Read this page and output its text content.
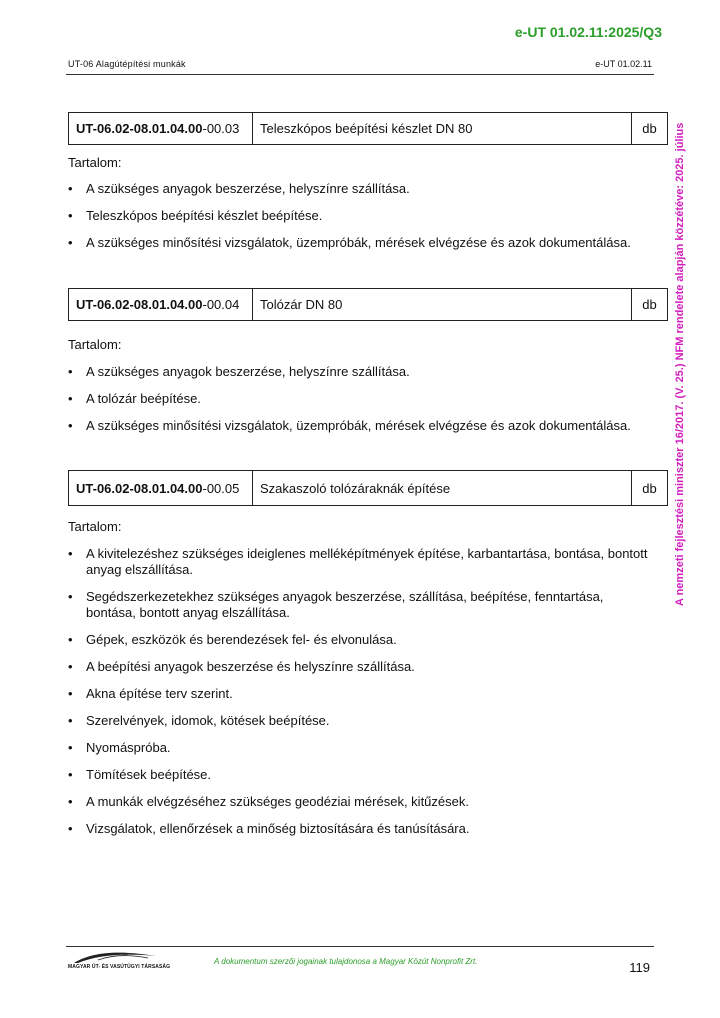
e-UT 01.02.11:2025/Q3
UT-06 Alagútépítési munkák	e-UT 01.02.11
A nemzeti fejlesztési miniszter 16/2017. (V. 25.) NFM rendelete alapján közzétéve: 2025. július
UT-06.02-08.01.04.00 -00.03	Teleszkópos beépítési készlet DN 80	db
Tartalom:
• A szükséges anyagok beszerzése, helyszínre szállítása.
• Teleszkópos beépítési készlet beépítése.
• A szükséges minősítési vizsgálatok, üzempróbák, mérések elvégzése és azok dokumentálása.
UT-06.02-08.01.04.00 -00.04	Tolózár DN 80	db
Tartalom:
• A szükséges anyagok beszerzése, helyszínre szállítása.
• A tolózár beépítése.
• A szükséges minősítési vizsgálatok, üzempróbák, mérések elvégzése és azok dokumentálása.
UT-06.02-08.01.04.00 -00.05	Szakaszoló tolózáraknák építése	db
Tartalom:
• A kivitelezéshez szükséges ideiglenes melléképítmények építése, karbantartása, bontása, bontott anyag elszállítása.
• Segédszerkezetekhez szükséges anyagok beszerzése, szállítása, beépítése, fenntartása, bontása, bontott anyag elszállítása.
• Gépek, eszközök és berendezések fel- és elvonulása.
• A beépítési anyagok beszerzése és helyszínre szállítása.
• Akna építése terv szerint.
• Szerelvények, idomok, kötések beépítése.
• Nyomáspróba.
• Tömítések beépítése.
• A munkák elvégzéséhez szükséges geodéziai mérések, kitűzések.
• Vizsgálatok, ellenőrzések a minőség biztosítására és tanúsítására.
MAGYAR ÚT- ÉS VASÚTÜGYI TÁRSASÁG
A dokumentum szerzői jogainak tulajdonosa a Magyar Közút Nonprofit Zrt.	119
